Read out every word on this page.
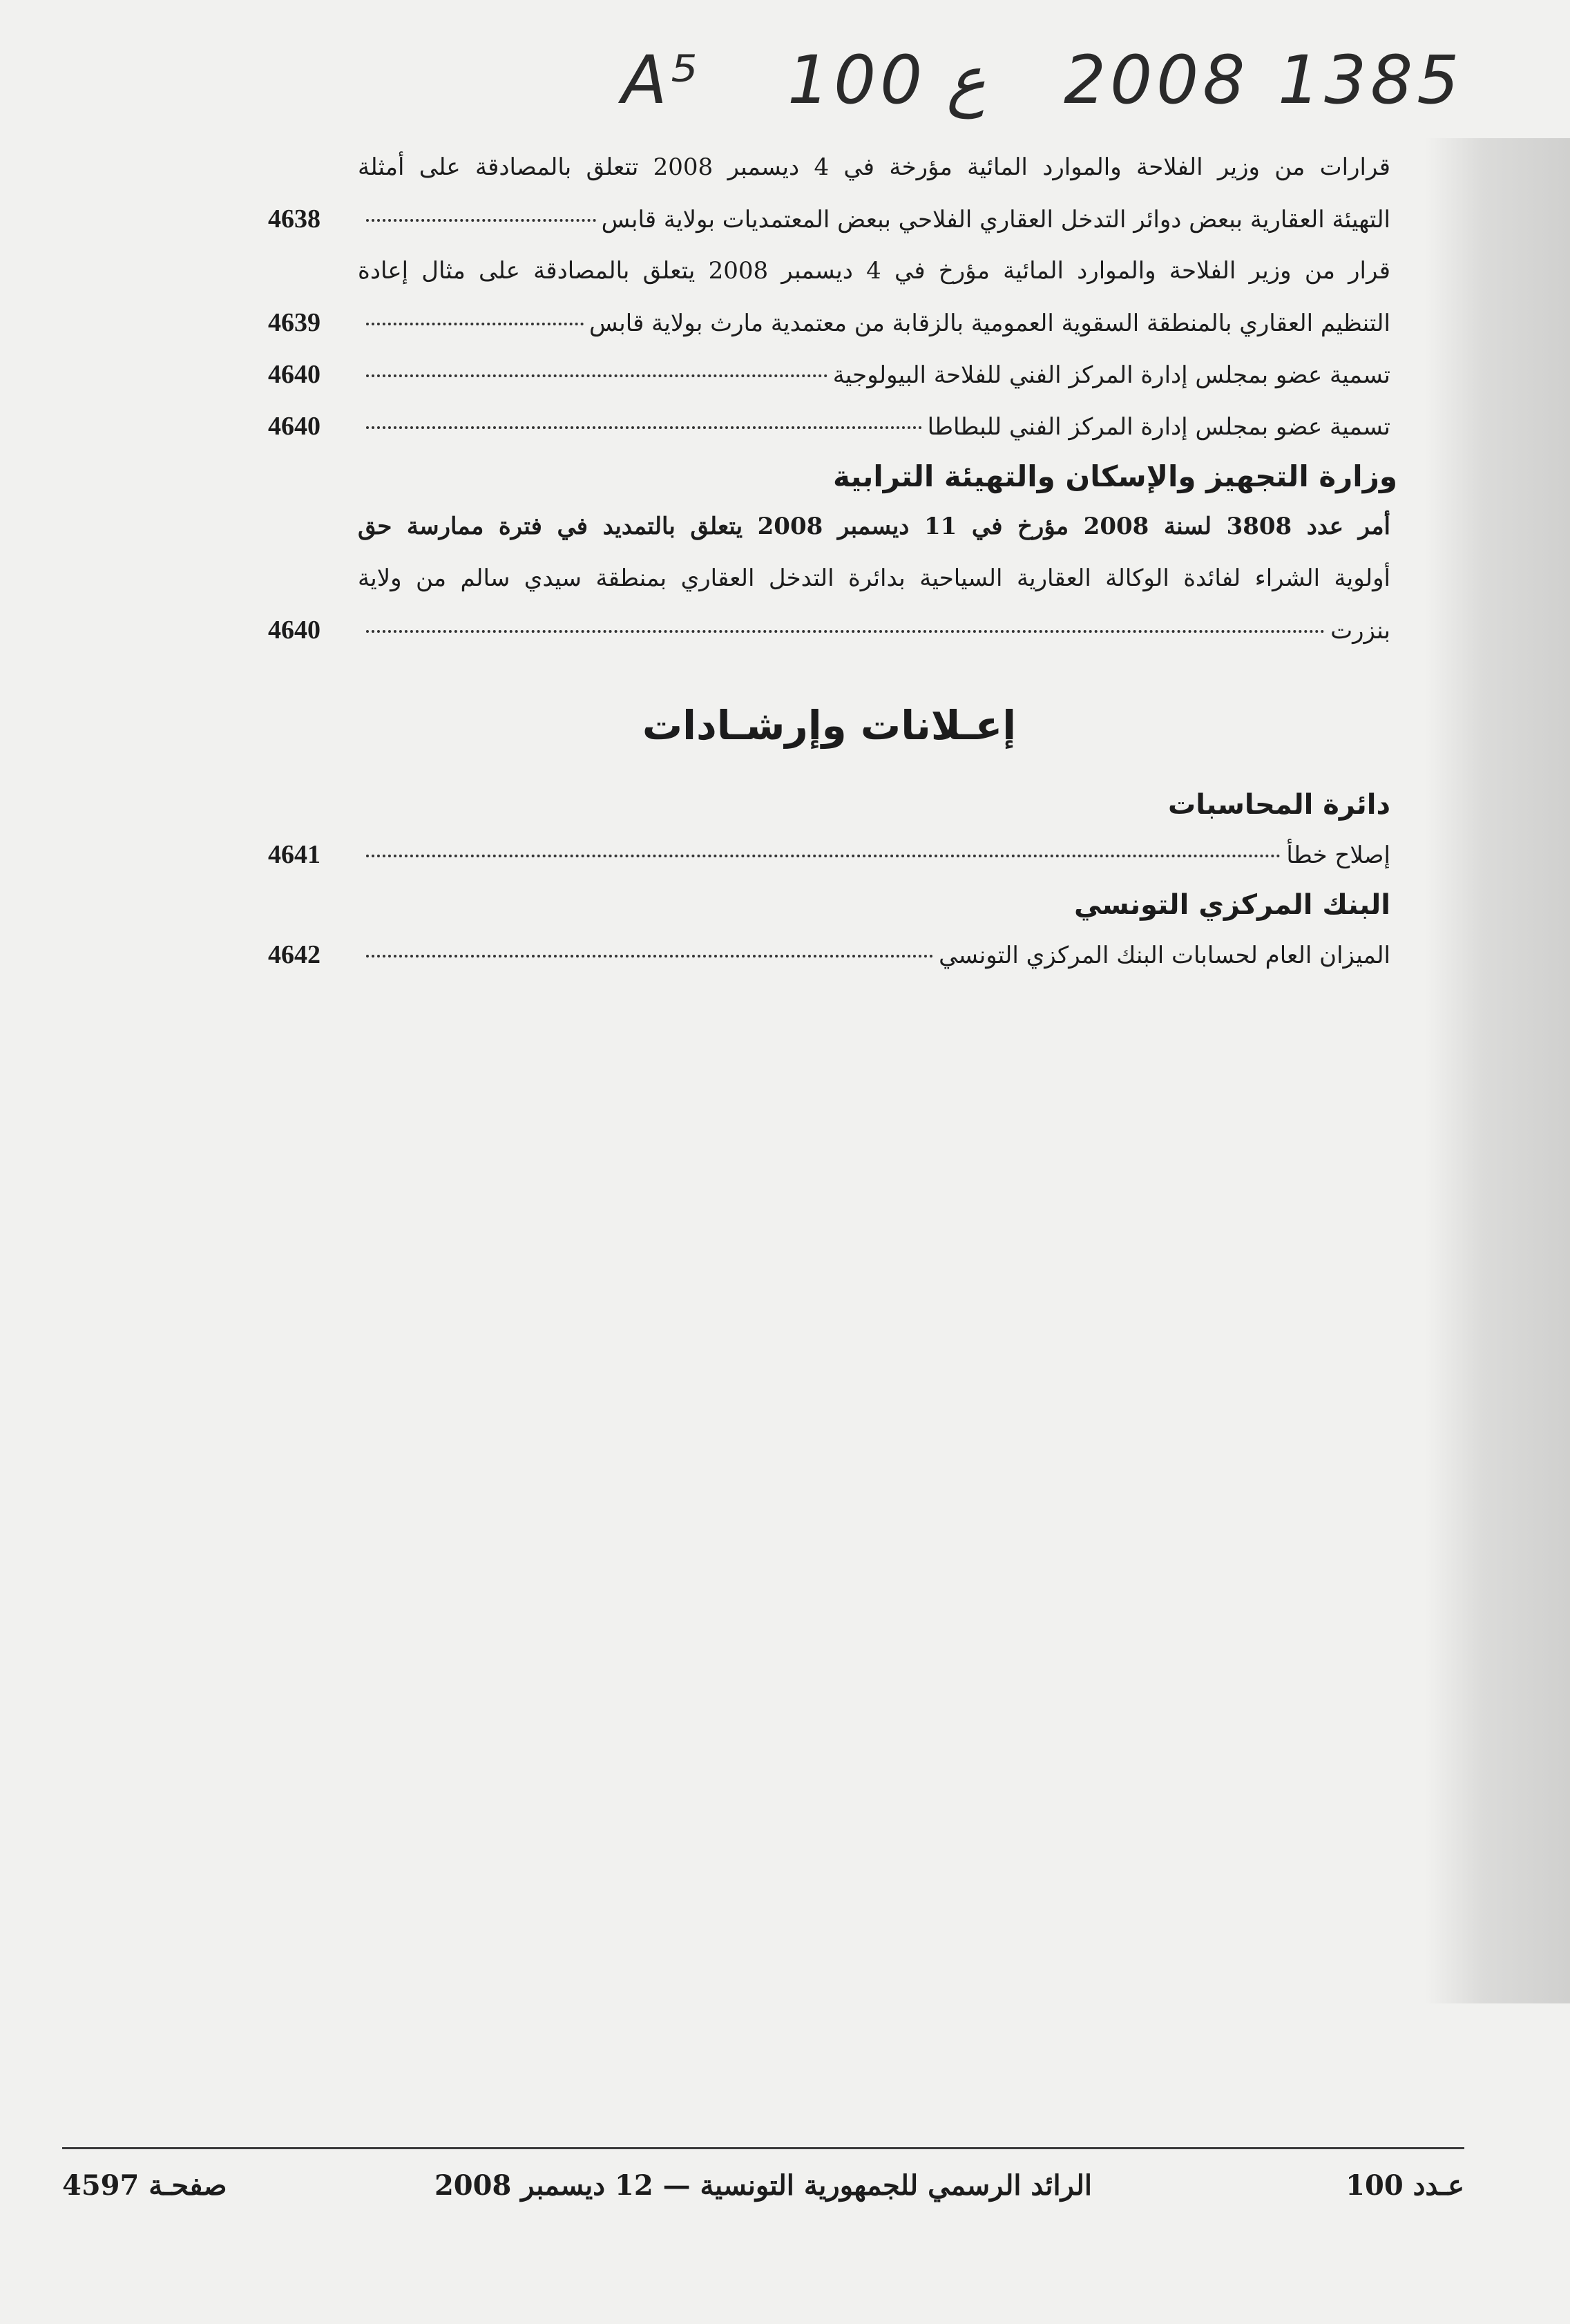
A⁵ 100 ع 2008 1385
قرارات من وزير الفلاحة والموارد المائية مؤرخة في 4 ديسمبر 2008 تتعلق بالمصادقة على أمثلة
التهيئة العقارية ببعض دوائر التدخل العقاري الفلاحي ببعض المعتمديات بولاية قابس
4638
قرار من وزير الفلاحة والموارد المائية مؤرخ في 4 ديسمبر 2008 يتعلق بالمصادقة على مثال إعادة
التنظيم العقاري بالمنطقة السقوية العمومية بالزقابة من معتمدية مارث بولاية قابس
4639
تسمية عضو بمجلس إدارة المركز الفني للفلاحة البيولوجية
4640
تسمية عضو بمجلس إدارة المركز الفني للبطاطا
4640
وزارة التجهيز والإسكان والتهيئة الترابية
أمر عدد 3808 لسنة 2008 مؤرخ في 11 ديسمبر 2008 يتعلق بالتمديد في فترة ممارسة حق
أولوية الشراء لفائدة الوكالة العقارية السياحية بدائرة التدخل العقاري بمنطقة سيدي سالم من ولاية
بنزرت
4640
إعـلانات وإرشـادات
دائرة المحاسبات
إصلاح خطأ
4641
البنك المركزي التونسي
الميزان العام لحسابات البنك المركزي التونسي
4642
عـدد 100
الرائد الرسمي للجمهورية التونسية — 12 ديسمبر 2008
صفحـة 4597
